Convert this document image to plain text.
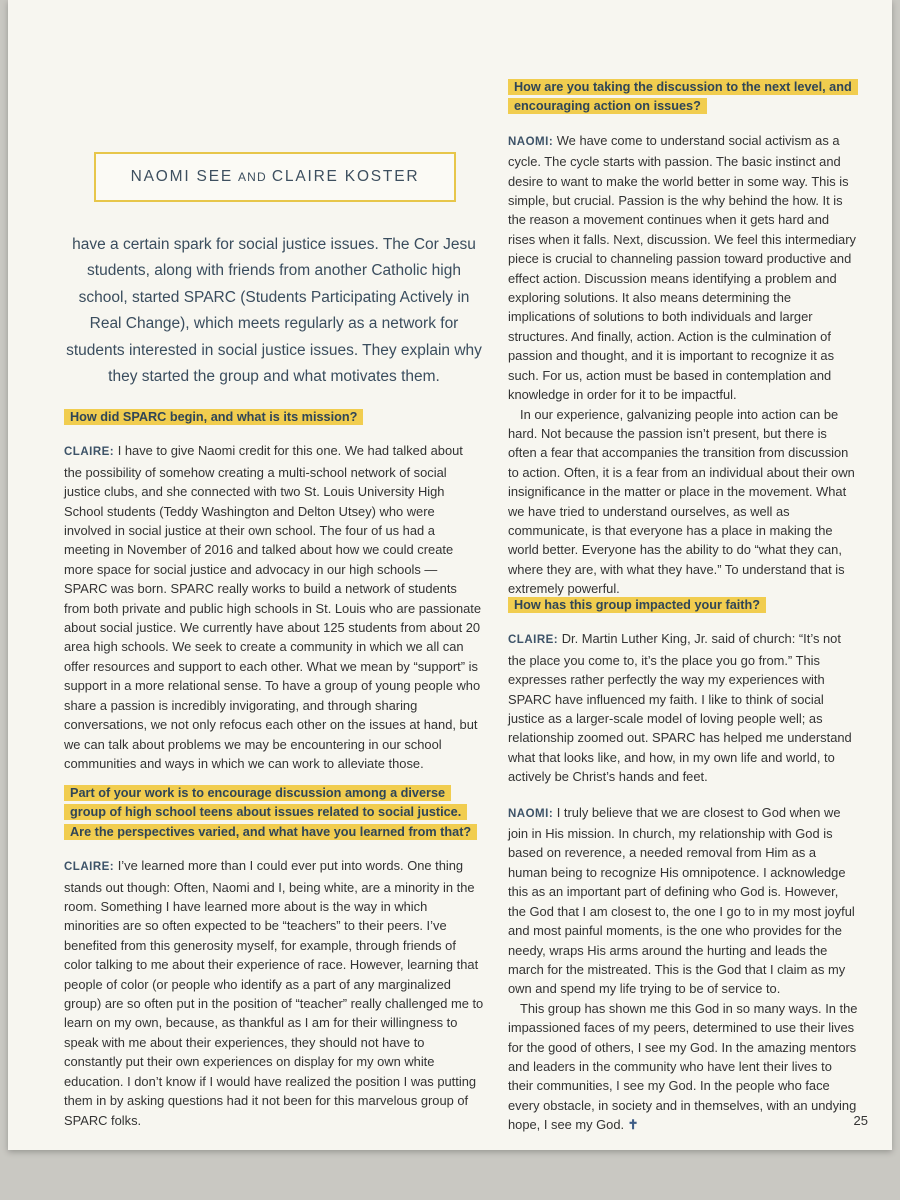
NAOMI SEE AND CLAIRE KOSTER

have a certain spark for social justice issues. The Cor Jesu students, along with friends from another Catholic high school, started SPARC (Students Participating Actively in Real Change), which meets regularly as a network for students interested in social justice issues. They explain why they started the group and what motivates them.

How did SPARC begin, and what is its mission?

CLAIRE: I have to give Naomi credit for this one. We had talked about the possibility of somehow creating a multi-school network of social justice clubs, and she connected with two St. Louis University High School students (Teddy Washington and Delton Utsey) who were involved in social justice at their own school. The four of us had a meeting in November of 2016 and talked about how we could create more space for social justice and advocacy in our high schools — SPARC was born. SPARC really works to build a network of students from both private and public high schools in St. Louis who are passionate about social justice. We currently have about 125 students from about 20 area high schools. We seek to create a community in which we all can offer resources and support to each other. What we mean by “support” is support in a more relational sense. To have a group of young people who share a passion is incredibly invigorating, and through sharing conversations, we not only refocus each other on the issues at hand, but we can talk about problems we may be encountering in our school communities and ways in which we can work to alleviate those.

Part of your work is to encourage discussion among a diverse group of high school teens about issues related to social justice. Are the perspectives varied, and what have you learned from that?

CLAIRE: I’ve learned more than I could ever put into words. One thing stands out though: Often, Naomi and I, being white, are a minority in the room. Something I have learned more about is the way in which minorities are so often expected to be “teachers” to their peers. I’ve benefited from this generosity myself, for example, through friends of color talking to me about their experience of race. However, learning that people of color (or people who identify as a part of any marginalized group) are so often put in the position of “teacher” really challenged me to learn on my own, because, as thankful as I am for their willingness to speak with me about their experiences, they should not have to constantly put their own experiences on display for my own white education. I don’t know if I would have realized the position I was putting them in by asking questions had it not been for this marvelous group of SPARC folks.

How are you taking the discussion to the next level, and encouraging action on issues?

NAOMI: We have come to understand social activism as a cycle. The cycle starts with passion. The basic instinct and desire to want to make the world better in some way. This is simple, but crucial. Passion is the why behind the how. It is the reason a movement continues when it gets hard and rises when it falls. Next, discussion. We feel this intermediary piece is crucial to channeling passion toward productive and effect action. Discussion means identifying a problem and exploring solutions. It also means determining the implications of solutions to both individuals and larger structures. And finally, action. Action is the culmination of passion and thought, and it is important to recognize it as such. For us, action must be based in contemplation and knowledge in order for it to be impactful.

In our experience, galvanizing people into action can be hard. Not because the passion isn’t present, but there is often a fear that accompanies the transition from discussion to action. Often, it is a fear from an individual about their own insignificance in the matter or place in the movement. What we have tried to understand ourselves, as well as communicate, is that everyone has a place in making the world better. Everyone has the ability to do “what they can, where they are, with what they have.” To understand that is extremely powerful.

How has this group impacted your faith?

CLAIRE: Dr. Martin Luther King, Jr. said of church: “It’s not the place you come to, it’s the place you go from.” This expresses rather perfectly the way my experiences with SPARC have influenced my faith. I like to think of social justice as a larger-scale model of loving people well; as relationship zoomed out. SPARC has helped me understand what that looks like, and how, in my own life and world, to actively be Christ’s hands and feet.

NAOMI: I truly believe that we are closest to God when we join in His mission. In church, my relationship with God is based on reverence, a needed removal from Him as a human being to recognize His omnipotence. I acknowledge this as an important part of defining who God is. However, the God that I am closest to, the one I go to in my most joyful and most painful moments, is the one who provides for the needy, wraps His arms around the hurting and leads the march for the mistreated. This is the God that I claim as my own and spend my life trying to be of service to.

This group has shown me this God in so many ways. In the impassioned faces of my peers, determined to use their lives for the good of others, I see my God. In the amazing mentors and leaders in the community who have lent their lives to their communities, I see my God. In the people who face every obstacle, in society and in themselves, with an undying hope, I see my God. ✝	25
